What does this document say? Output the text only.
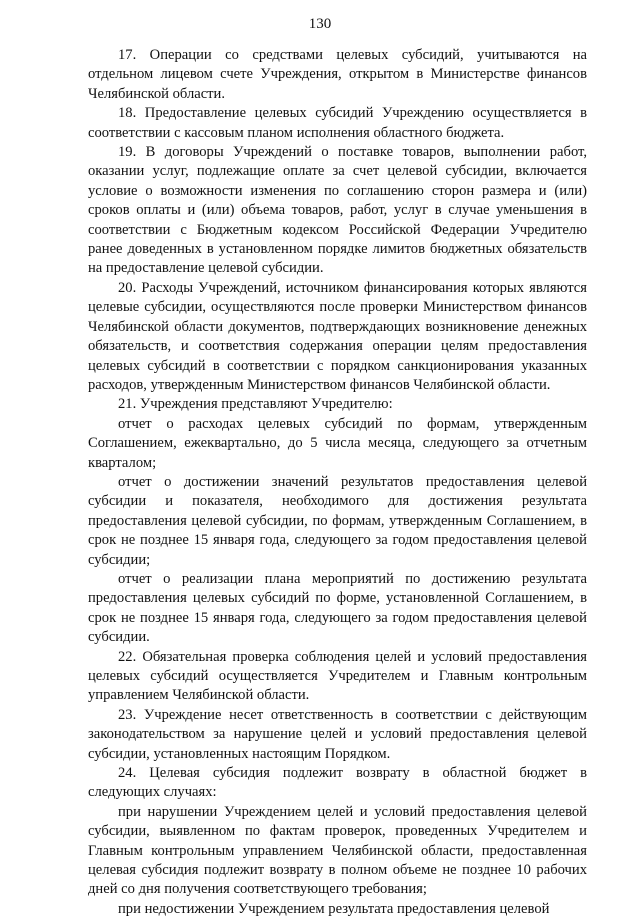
130

17. Операции со средствами целевых субсидий, учитываются на отдельном лицевом счете Учреждения, открытом в Министерстве финансов Челябинской области.

18. Предоставление целевых субсидий Учреждению осуществляется в соответствии с кассовым планом исполнения областного бюджета.

19. В договоры Учреждений о поставке товаров, выполнении работ, оказании услуг, подлежащие оплате за счет целевой субсидии, включается условие о возможности изменения по соглашению сторон размера и (или) сроков оплаты и (или) объема товаров, работ, услуг в случае уменьшения в соответствии с Бюджетным кодексом Российской Федерации Учредителю ранее доведенных в установленном порядке лимитов бюджетных обязательств на предоставление целевой субсидии.

20. Расходы Учреждений, источником финансирования которых являются целевые субсидии, осуществляются после проверки Министерством финансов Челябинской области документов, подтверждающих возникновение денежных обязательств, и соответствия содержания операции целям предоставления целевых субсидий в соответствии с порядком санкционирования указанных расходов, утвержденным Министерством финансов Челябинской области.

21. Учреждения представляют Учредителю:

отчет о расходах целевых субсидий по формам, утвержденным Соглашением, ежеквартально, до 5 числа месяца, следующего за отчетным кварталом;

отчет о достижении значений результатов предоставления целевой субсидии и показателя, необходимого для достижения результата предоставления целевой субсидии, по формам, утвержденным Соглашением, в срок не позднее 15 января года, следующего за годом предоставления целевой субсидии;

отчет о реализации плана мероприятий по достижению результата предоставления целевых субсидий по форме, установленной Соглашением, в срок не позднее 15 января года, следующего за годом предоставления целевой субсидии.

22. Обязательная проверка соблюдения целей и условий предоставления целевых субсидий осуществляется Учредителем и Главным контрольным управлением Челябинской области.

23. Учреждение несет ответственность в соответствии с действующим законодательством за нарушение целей и условий предоставления целевой субсидии, установленных настоящим Порядком.

24. Целевая субсидия подлежит возврату в областной бюджет в следующих случаях:

при нарушении Учреждением целей и условий предоставления целевой субсидии, выявленном по фактам проверок, проведенных Учредителем и Главным контрольным управлением Челябинской области, предоставленная целевая субсидия подлежит возврату в полном объеме не позднее 10 рабочих дней со дня получения соответствующего требования;

при недостижении Учреждением результата предоставления целевой
